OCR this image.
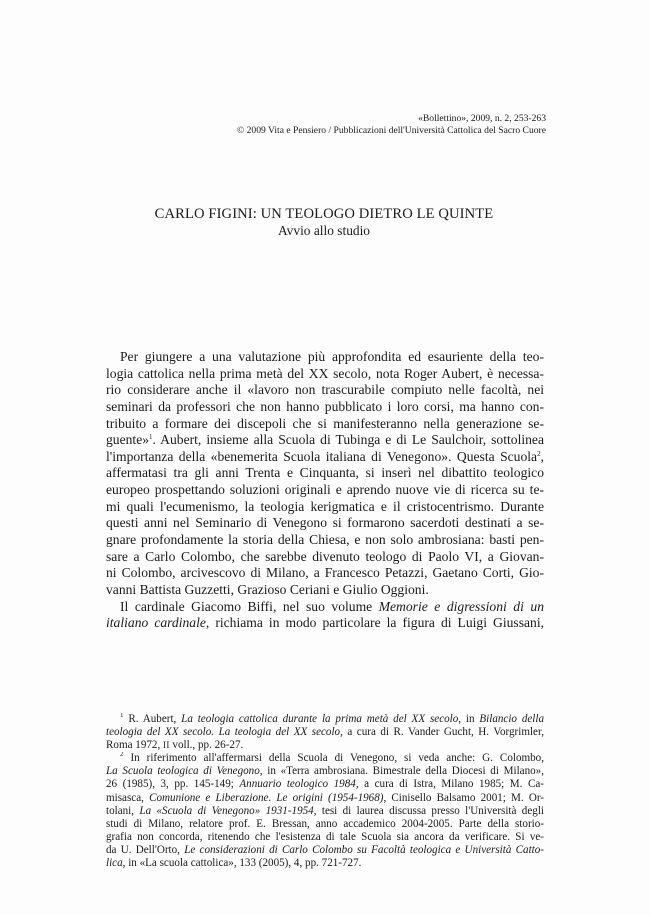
«Bollettino», 2009, n. 2, 253-263
© 2009 Vita e Pensiero / Pubblicazioni dell'Università Cattolica del Sacro Cuore
CARLO FIGINI: UN TEOLOGO DIETRO LE QUINTE
Avvio allo studio
Per giungere a una valutazione più approfondita ed esauriente della teo-
logia cattolica nella prima metà del XX secolo, nota Roger Aubert, è necessa-
rio considerare anche il «lavoro non trascurabile compiuto nelle facoltà, nei
seminari da professori che non hanno pubblicato i loro corsi, ma hanno con-
tribuito a formare dei discepoli che si manifesteranno nella generazione se-
guente»$^1$. Aubert, insieme alla Scuola di Tubinga e di Le Saulchoir, sottolinea
l'importanza della «benemerita Scuola italiana di Venegono». Questa Scuola$^2$,
affermatasi tra gli anni Trenta e Cinquanta, si inserì nel dibattito teologico
europeo prospettando soluzioni originali e aprendo nuove vie di ricerca su te-
mi quali l'ecumenismo, la teologia kerigmatica e il cristocentrismo. Durante
questi anni nel Seminario di Venegono si formarono sacerdoti destinati a se-
gnare profondamente la storia della Chiesa, e non solo ambrosiana: basti pen-
sare a Carlo Colombo, che sarebbe divenuto teologo di Paolo VI, a Giovan-
ni Colombo, arcivescovo di Milano, a Francesco Petazzi, Gaetano Corti, Gio-
vanni Battista Guzzetti, Grazioso Ceriani e Giulio Oggioni.
Il cardinale Giacomo Biffi, nel suo volume Memorie e digressioni di un
italiano cardinale, richiama in modo particolare la figura di Luigi Giussani,
$^1$ R. Aubert, La teologia cattolica durante la prima metà del XX secolo, in Bilancio della
teologia del XX secolo. La teologia del XX secolo, a cura di R. Vander Gucht, H. Vorgrimler,
Roma 1972, II voll., pp. 26-27.
$^2$ In riferimento all'affermarsi della Scuola di Venegono, si veda anche: G. Colombo,
La Scuola teologica di Venegono, in «Terra ambrosiana. Bimestrale della Diocesi di Milano»,
26 (1985), 3, pp. 145-149; Annuario teologico 1984, a cura di Istra, Milano 1985; M. Ca-
misasca, Comunione e Liberazione. Le origini (1954-1968), Cinisello Balsamo 2001; M. Or-
tolani, La «Scuola di Venegono» 1931-1954, tesi di laurea discussa presso l'Università degli
studi di Milano, relatore prof. E. Bressan, anno accademico 2004-2005. Parte della storio-
grafia non concorda, ritenendo che l'esistenza di tale Scuola sia ancora da verificare. Si ve-
da U. Dell'Orto, Le considerazioni di Carlo Colombo su Facoltà teologica e Università Catto-
lica, in «La scuola cattolica», 133 (2005), 4, pp. 721-727.
